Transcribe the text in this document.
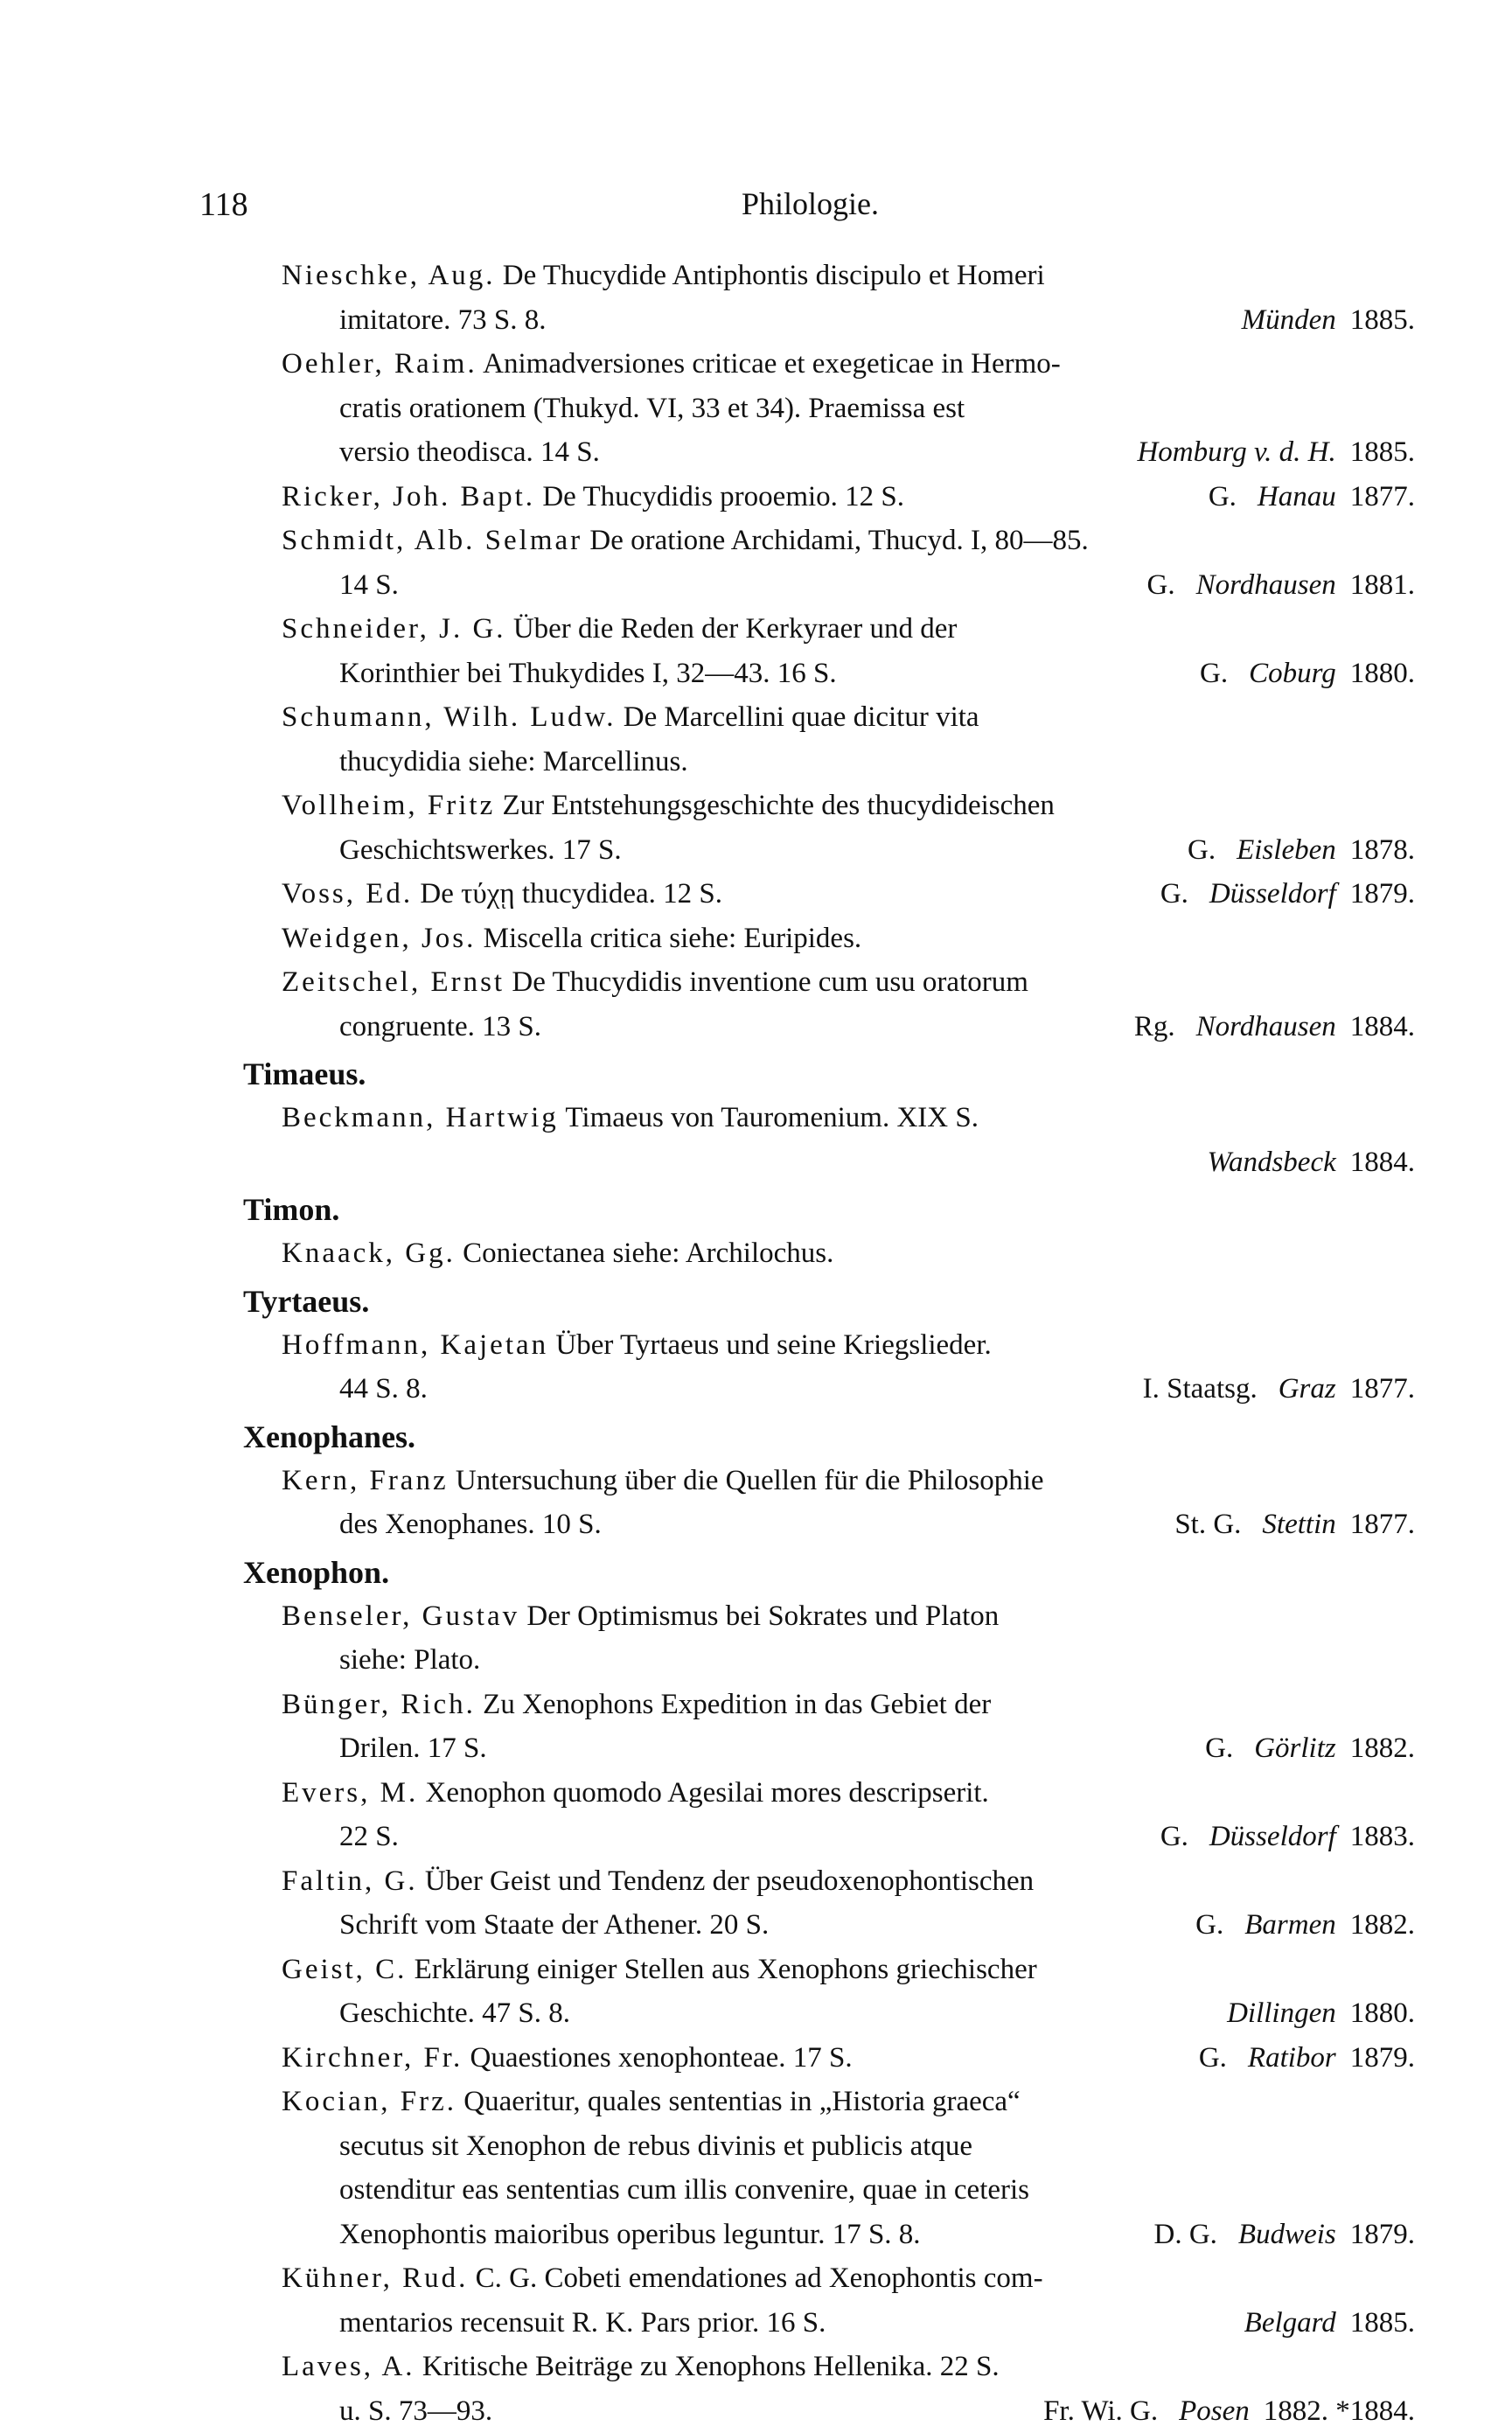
118	Philologie.
Nieschke, Aug. De Thucydide Antiphontis discipulo et Homeri
Münden 1885.
imitatore. 73 S. 8.
Oehler, Raim. Animadversiones criticae et exegeticae in Hermo-
cratis orationem (Thukyd. VI, 33 et 34). Praemissa est
Homburg v. d. H. 1885.
versio theodisca. 14 S.
G. Hanau 1877.
Ricker, Joh. Bapt. De Thucydidis prooemio. 12 S.
Schmidt, Alb. Selmar De oratione Archidami, Thucyd. I, 80—85.
G. Nordhausen 1881.
14 S.
Schneider, J. G. Über die Reden der Kerkyraer und der
G. Coburg 1880.
Korinthier bei Thukydides I, 32—43. 16 S.
Schumann, Wilh. Ludw. De Marcellini quae dicitur vita
thucydidia siehe: Marcellinus.
Vollheim, Fritz Zur Entstehungsgeschichte des thucydideischen
G. Eisleben 1878.
Geschichtswerkes. 17 S.
G. Düsseldorf 1879.
Voss, Ed. De τύχῃ thucydidea. 12 S.
Weidgen, Jos. Miscella critica siehe: Euripides.
Zeitschel, Ernst De Thucydidis inventione cum usu oratorum
Rg. Nordhausen 1884.
congruente. 13 S.
Timaeus.
Beckmann, Hartwig Timaeus von Tauromenium. XIX S.
Wandsbeck 1884.
Timon.
Knaack, Gg. Coniectanea siehe: Archilochus.
Tyrtaeus.
Hoffmann, Kajetan Über Tyrtaeus und seine Kriegslieder.
I. Staatsg. Graz 1877.
44 S. 8.
Xenophanes.
Kern, Franz Untersuchung über die Quellen für die Philosophie
St. G. Stettin 1877.
des Xenophanes. 10 S.
Xenophon.
Benseler, Gustav Der Optimismus bei Sokrates und Platon
siehe: Plato.
Bünger, Rich. Zu Xenophons Expedition in das Gebiet der
G. Görlitz 1882.
Drilen. 17 S.
Evers, M. Xenophon quomodo Agesilai mores descripserit.
G. Düsseldorf 1883.
22 S.
Faltin, G. Über Geist und Tendenz der pseudoxenophontischen
G. Barmen 1882.
Schrift vom Staate der Athener. 20 S.
Geist, C. Erklärung einiger Stellen aus Xenophons griechischer
Dillingen 1880.
Geschichte. 47 S. 8.
G. Ratibor 1879.
Kirchner, Fr. Quaestiones xenophonteae. 17 S.
Kocian, Frz. Quaeritur, quales sententias in „Historia graeca“
secutus sit Xenophon de rebus divinis et publicis atque
ostenditur eas sententias cum illis convenire, quae in ceteris
D. G. Budweis 1879.
Xenophontis maioribus operibus leguntur. 17 S. 8.
Kühner, Rud. C. G. Cobeti emendationes ad Xenophontis com-
Belgard 1885.
mentarios recensuit R. K. Pars prior. 16 S.
Laves, A. Kritische Beiträge zu Xenophons Hellenika. 22 S.
Fr. Wi. G. Posen 1882. *1884.
u. S. 73—93.
